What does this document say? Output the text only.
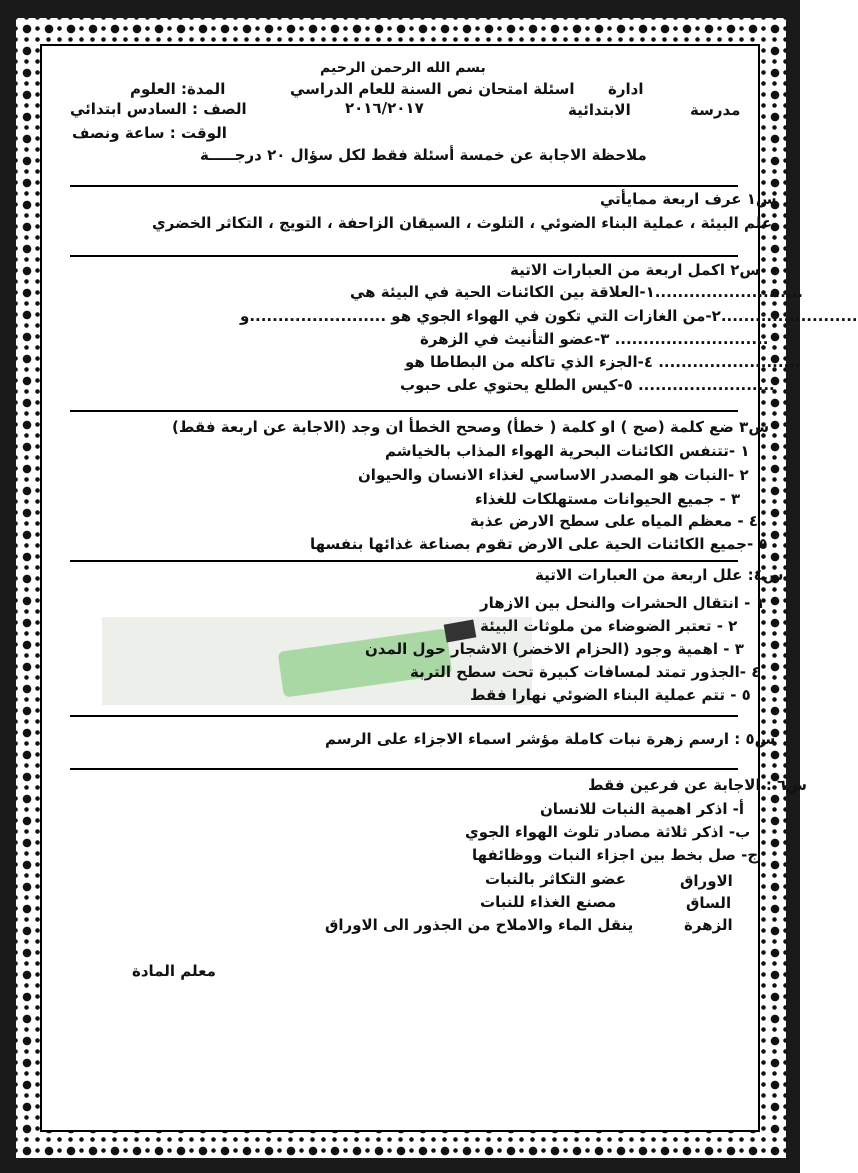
بسم الله الرحمن الرحيم
ادارة
اسئلة امتحان نص السنة للعام الدراسي
٢٠١٦/٢٠١٧	مدرسة
الابتدائية
المدة: العلوم
الصف : السادس ابتدائي
الوقت : ساعة ونصف
ملاحظة الاجابة عن خمسة أسئلة فقط لكل سؤال ٢٠ درجـــــة
س١ عرف اربعة ممايأتي
علم البيئة ، عملية البناء الضوئي ، التلوث ، السيقان الزاحفة ، التويج ، التكاثر الخضري
س٢ اكمل اربعة من العبارات الاتية
١-العلاقة بين الكائنات الحية في البيئة هي..........................
٢-من الغازات التي تكون في الهواء الجوي هو ........................و........................
٣-عضو التأنيث في الزهرة ...........................
٤-الجزء الذي تاكله من البطاطا هو .........................
٥-كيس الطلع يحتوي على حبوب ........................
س٣ ضع كلمة (صح ) او كلمة ( خطأ) وصحح الخطأ ان وجد (الاجابة عن اربعة فقط)
١ -تتنفس الكائنات البحرية الهواء المذاب بالخياشم
٢ -النبات هو المصدر الاساسي لغذاء الانسان والحيوان
٣ - جميع الحيوانات مستهلكات للغذاء
٤ - معظم المياه على سطح الارض عذبة
٥ -جميع الكائنات الحية على الارض تقوم بصناعة غذائها بنفسها
س٤: علل اربعة من العبارات الاتية
١ - انتقال الحشرات والنحل بين الازهار
٢ - تعتبر الضوضاء من ملوثات البيئة
٣ - اهمية وجود (الحزام الاخضر) الاشجار حول المدن
٤ -الجذور تمتد لمسافات كبيرة تحت سطح التربة
٥ - تتم عملية البناء الضوئي نهارا فقط
س٥ : ارسم زهرة نبات كاملة مؤشر اسماء الاجزاء على الرسم
س٦ : الاجابة عن فرعين فقط
أ- اذكر اهمية النبات للانسان
ب- اذكر ثلاثة مصادر تلوث الهواء الجوي
ج- صل بخط بين اجزاء النبات ووظائفها
الاوراق
الساق
الزهرة
عضو التكاثر بالنبات
مصنع الغذاء للنبات
ينقل الماء والاملاح من الجذور الى الاوراق
معلم المادة
